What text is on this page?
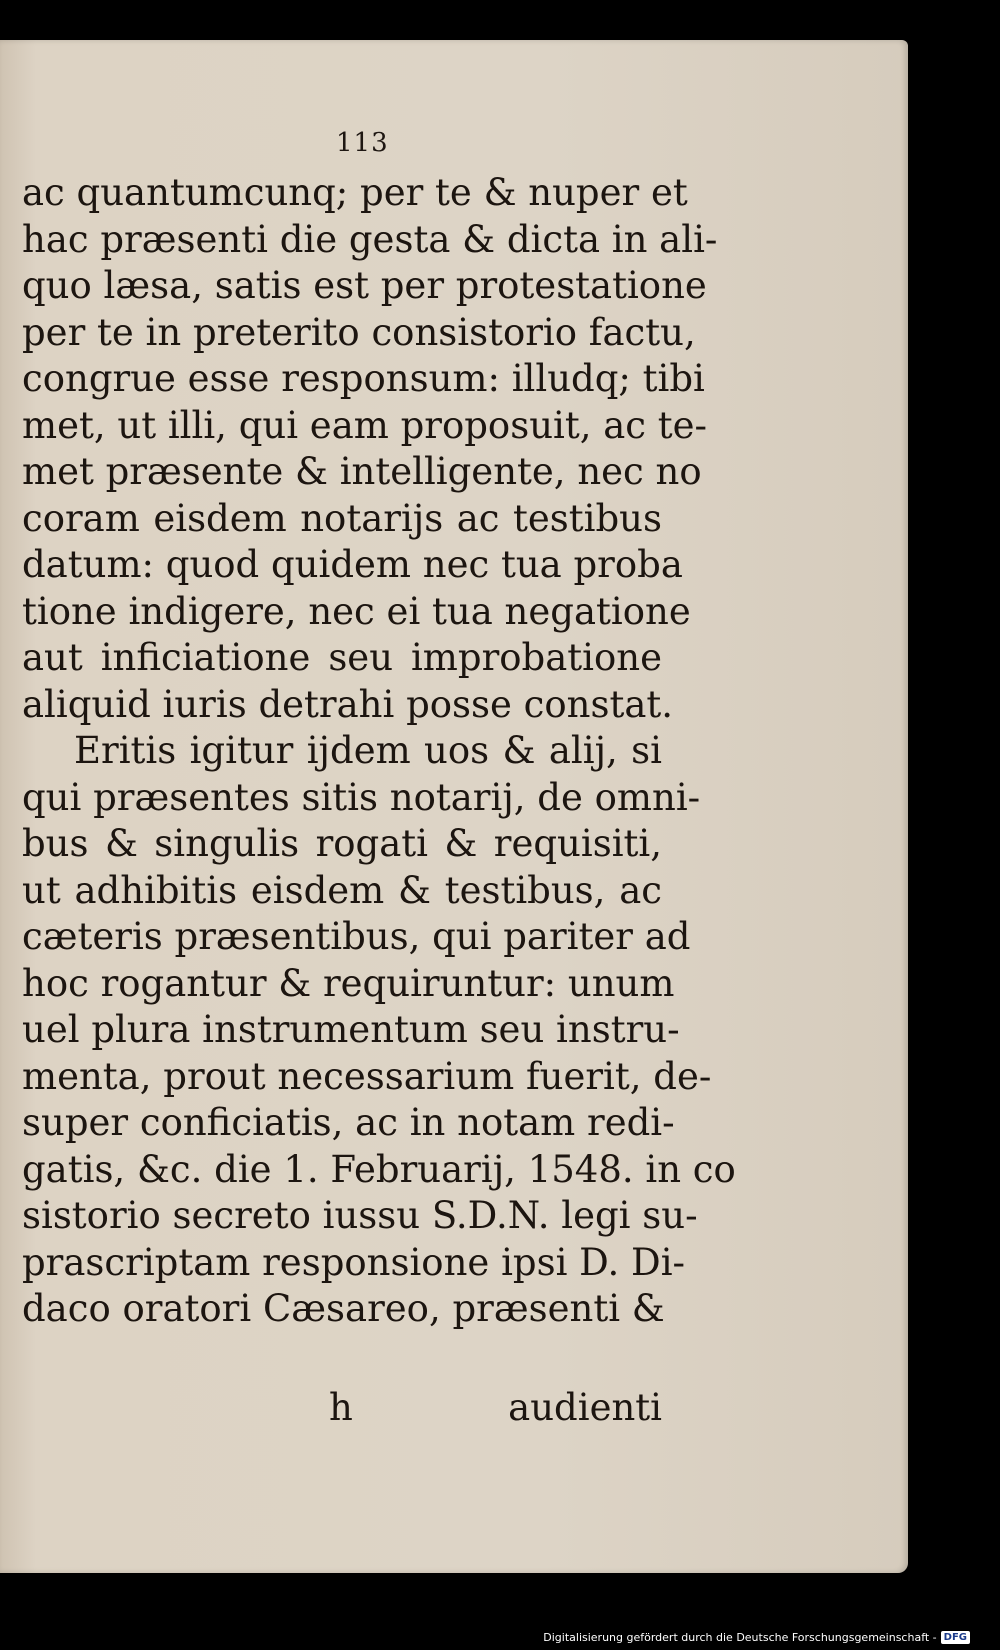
113
ac quantumcunq; per te & nuper et
hac præsenti die gesta & dicta in ali-
quo læsa, satis est per protestatione
per te in preterito consistorio factu,
congrue esse responsum: illudq; tibi
met, ut illi, qui eam proposuit, ac te-
met præsente & intelligente, nec no
coram eisdem notarijs ac testibus
datum: quod quidem nec tua proba
tione indigere, nec ei tua negatione
aut inficiatione seu improbatione
aliquid iuris detrahi posse constat.
Eritis igitur ijdem uos & alij, si
qui præsentes sitis notarij, de omni-
bus & singulis rogati & requisiti,
ut adhibitis eisdem & testibus, ac
cæteris præsentibus, qui pariter ad
hoc rogantur & requiruntur: unum
uel plura instrumentum seu instru-
menta, prout necessarium fuerit, de-
super conficiatis, ac in notam redi-
gatis, &c. die 1. Februarij, 1548. in co
sistorio secreto iussu S.D.N. legi su-
prascriptam responsione ipsi D. Di-
daco oratori Cæsareo, præsenti &
h	audienti
Digitalisierung gefördert durch die Deutsche Forschungsgemeinschaft - DFG
